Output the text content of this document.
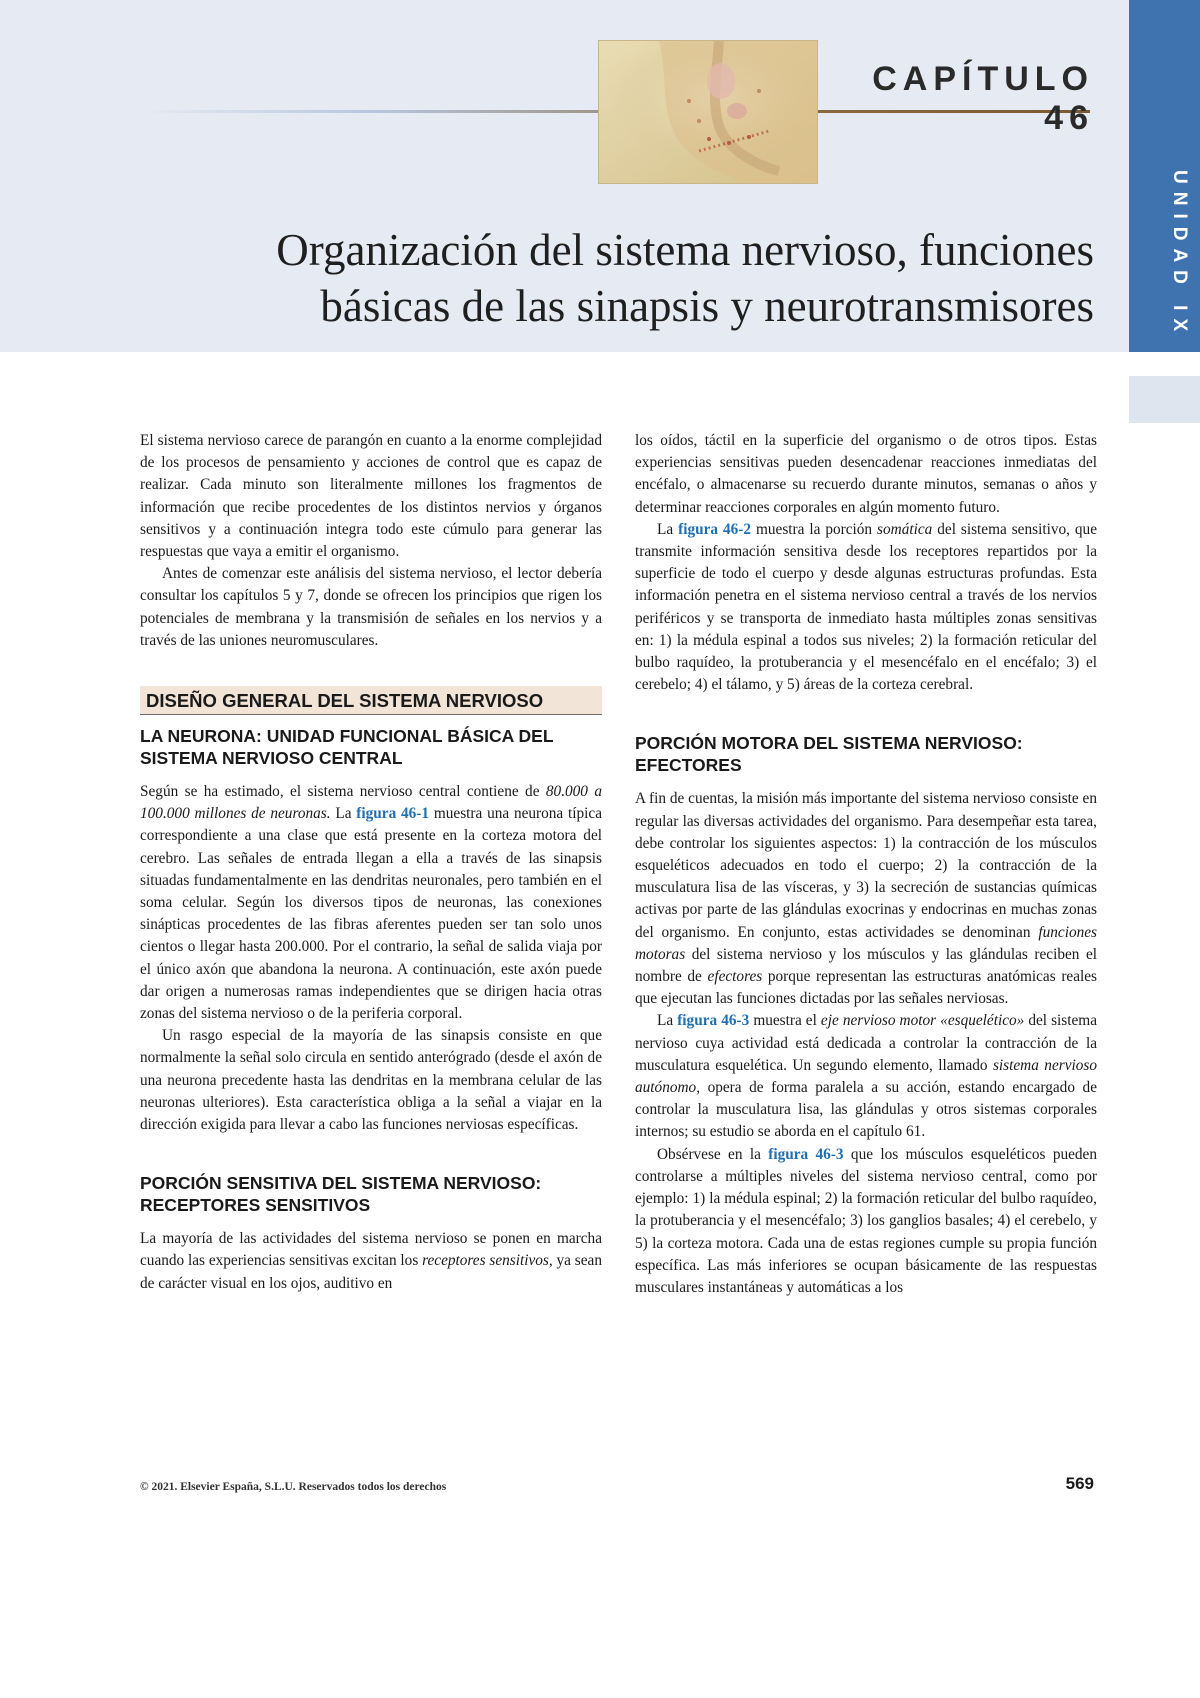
CAPÍTULO 46
Organización del sistema nervioso, funciones
básicas de las sinapsis y neurotransmisores	UNIDAD IX

El sistema nervioso carece de parangón en cuanto a la enorme complejidad de los procesos de pensamiento y acciones de control que es capaz de realizar. Cada minuto son literalmente millones los fragmentos de información que recibe procedentes de los distintos nervios y órganos sensitivos y a continuación integra todo este cúmulo para generar las respuestas que vaya a emitir el organismo.

Antes de comenzar este análisis del sistema nervioso, el lector debería consultar los capítulos 5 y 7, donde se ofrecen los principios que rigen los potenciales de membrana y la transmisión de señales en los nervios y a través de las uniones neuromusculares.

DISEÑO GENERAL DEL SISTEMA NERVIOSO
LA NEURONA: UNIDAD FUNCIONAL BÁSICA DEL SISTEMA NERVIOSO CENTRAL

Según se ha estimado, el sistema nervioso central contiene de 80.000 a 100.000 millones de neuronas. La figura 46-1 muestra una neurona típica correspondiente a una clase que está presente en la corteza motora del cerebro. Las señales de entrada llegan a ella a través de las sinapsis situadas fundamentalmente en las dendritas neuronales, pero también en el soma celular. Según los diversos tipos de neuronas, las conexiones sinápticas procedentes de las fibras aferentes pueden ser tan solo unos cientos o llegar hasta 200.000. Por el contrario, la señal de salida viaja por el único axón que abandona la neurona. A continuación, este axón puede dar origen a numerosas ramas independientes que se dirigen hacia otras zonas del sistema nervioso o de la periferia corporal.

Un rasgo especial de la mayoría de las sinapsis consiste en que normalmente la señal solo circula en sentido anterógrado (desde el axón de una neurona precedente hasta las dendritas en la membrana celular de las neuronas ulteriores). Esta característica obliga a la señal a viajar en la dirección exigida para llevar a cabo las funciones nerviosas específicas.

PORCIÓN SENSITIVA DEL SISTEMA NERVIOSO: RECEPTORES SENSITIVOS

La mayoría de las actividades del sistema nervioso se ponen en marcha cuando las experiencias sensitivas excitan los receptores sensitivos, ya sean de carácter visual en los ojos, auditivo en

los oídos, táctil en la superficie del organismo o de otros tipos. Estas experiencias sensitivas pueden desencadenar reacciones inmediatas del encéfalo, o almacenarse su recuerdo durante minutos, semanas o años y determinar reacciones corporales en algún momento futuro.

La figura 46-2 muestra la porción somática del sistema sensitivo, que transmite información sensitiva desde los receptores repartidos por la superficie de todo el cuerpo y desde algunas estructuras profundas. Esta información penetra en el sistema nervioso central a través de los nervios periféricos y se transporta de inmediato hasta múltiples zonas sensitivas en: 1) la médula espinal a todos sus niveles; 2) la formación reticular del bulbo raquídeo, la protuberancia y el mesencéfalo en el encéfalo; 3) el cerebelo; 4) el tálamo, y 5) áreas de la corteza cerebral.

PORCIÓN MOTORA DEL SISTEMA NERVIOSO: EFECTORES

A fin de cuentas, la misión más importante del sistema nervioso consiste en regular las diversas actividades del organismo. Para desempeñar esta tarea, debe controlar los siguientes aspectos: 1) la contracción de los músculos esqueléticos adecuados en todo el cuerpo; 2) la contracción de la musculatura lisa de las vísceras, y 3) la secreción de sustancias químicas activas por parte de las glándulas exocrinas y endocrinas en muchas zonas del organismo. En conjunto, estas actividades se denominan funciones motoras del sistema nervioso y los músculos y las glándulas reciben el nombre de efectores porque representan las estructuras anatómicas reales que ejecutan las funciones dictadas por las señales nerviosas.

La figura 46-3 muestra el eje nervioso motor «esquelético» del sistema nervioso cuya actividad está dedicada a controlar la contracción de la musculatura esquelética. Un segundo elemento, llamado sistema nervioso autónomo, opera de forma paralela a su acción, estando encargado de controlar la musculatura lisa, las glándulas y otros sistemas corporales internos; su estudio se aborda en el capítulo 61.

Obsérvese en la figura 46-3 que los músculos esqueléticos pueden controlarse a múltiples niveles del sistema nervioso central, como por ejemplo: 1) la médula espinal; 2) la formación reticular del bulbo raquídeo, la protuberancia y el mesencéfalo; 3) los ganglios basales; 4) el cerebelo, y 5) la corteza motora. Cada una de estas regiones cumple su propia función específica. Las más inferiores se ocupan básicamente de las respuestas musculares instantáneas y automáticas a los

© 2021. Elsevier España, S.L.U. Reservados todos los derechos	569
